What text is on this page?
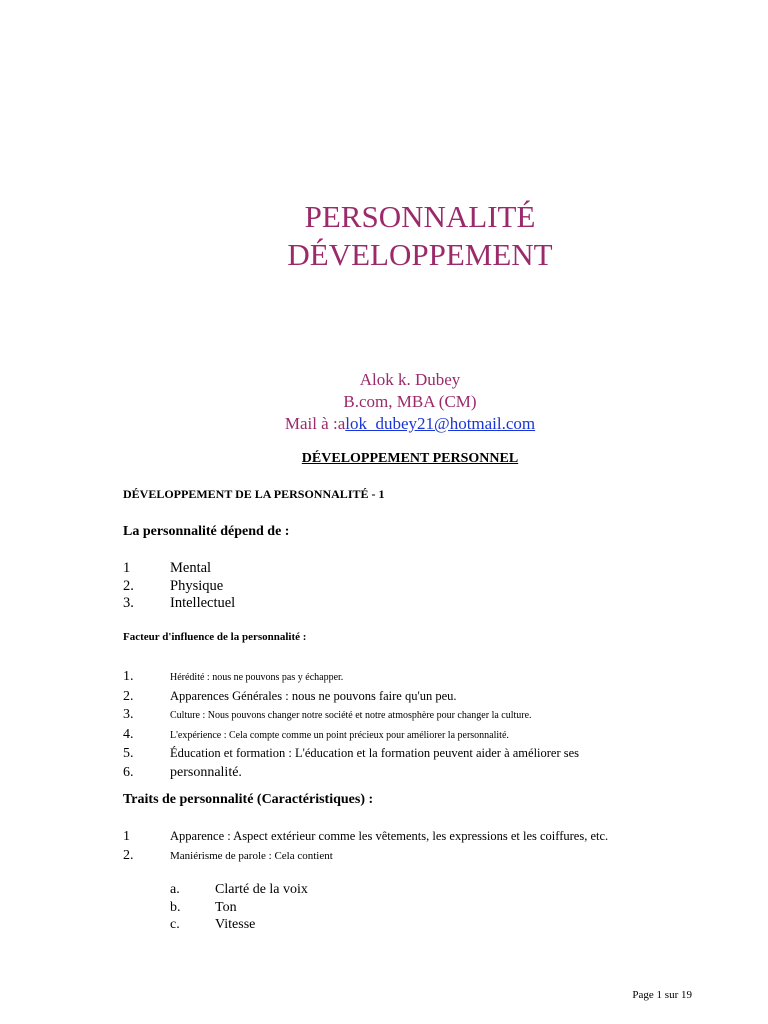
PERSONNALITÉ
DÉVELOPPEMENT
Alok k. Dubey
B.com, MBA (CM)
Mail à :alok_dubey21@hotmail.com
DÉVELOPPEMENT PERSONNEL
DÉVELOPPEMENT DE LA PERSONNALITÉ - 1
La personnalité dépend de :
1	Mental
2. Physique
3. Intellectuel
Facteur d'influence de la personnalité :
1.	Hérédité : nous ne pouvons pas y échapper.
2.	Apparences Générales : nous ne pouvons faire qu'un peu.
3.	Culture : Nous pouvons changer notre société et notre atmosphère pour changer la culture.
4.	L'expérience : Cela compte comme un point précieux pour améliorer la personnalité.
5.	Éducation et formation : L'éducation et la formation peuvent aider à améliorer ses
6.	personnalité.
Traits de personnalité (Caractéristiques) :
1	Apparence : Aspect extérieur comme les vêtements, les expressions et les coiffures, etc.
2.	Maniérisme de parole : Cela contient
a.	Clarté de la voix
b. Ton
c.	Vitesse
Page 1 sur 19
